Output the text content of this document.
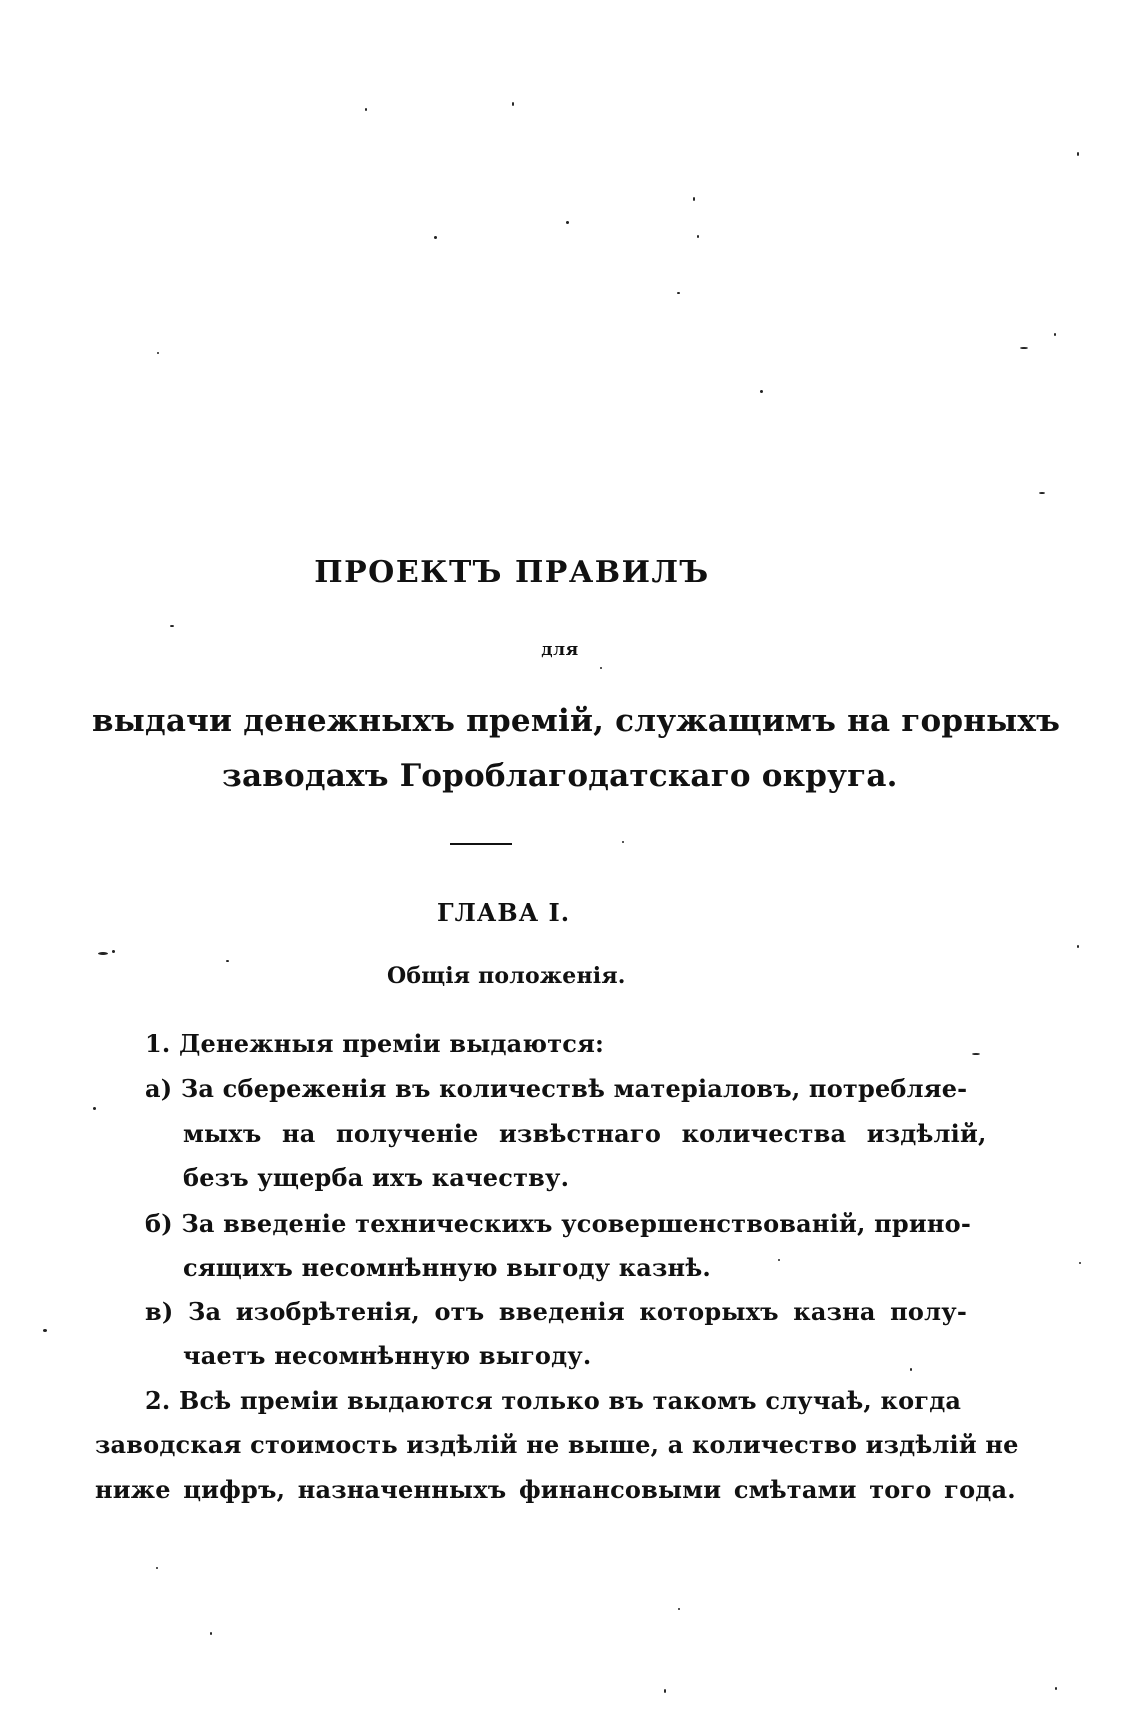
ПРОЕКТЪ ПРАВИЛЪ
для
выдачи денежныхъ премій, служащимъ на горныхъ
заводахъ Гороблагодатскаго округа.
ГЛАВА I.
Общія положенія.
1. Денежныя премiи выдаются:
а) За сбереженія въ количествѣ матеріаловъ, потребляе-
мыхъ на полученіе извѣстнаго количества издѣлій,
безъ ущерба ихъ качеству.
б) За введеніе техническихъ усовершенствованій, прино-
сящихъ несомнѣнную выгоду казнѣ.
в) За изобрѣтенія, отъ введенія которыхъ казна полу-
чаетъ несомнѣнную выгоду.
2. Всѣ преміи выдаются только въ такомъ случаѣ, когда
заводская стоимость издѣлій не выше, а количество издѣлій не
ниже цифръ, назначенныхъ финансовыми смѣтами того года.
